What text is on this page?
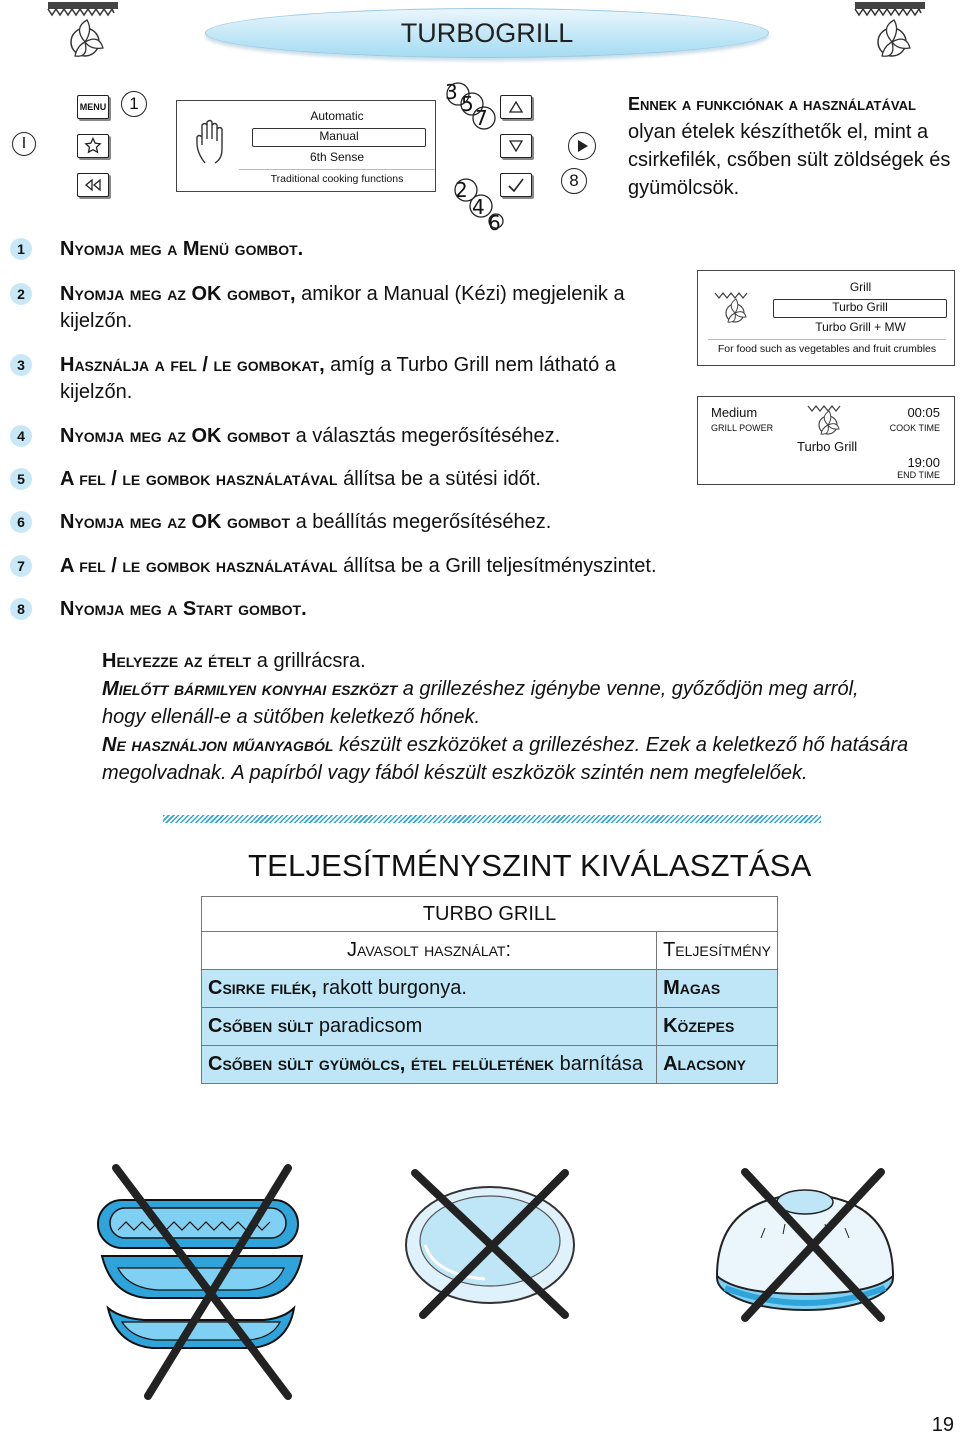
TURBOGRILL
I
MENU	1
Automatic
Manual
6th Sense
Traditional cooking functions
3 5
7
2
4
6
8
Ennek a funkciónak a használatával
olyan ételek készíthetők el, mint a csirkefilék, csőben sült zöldségek és gyümölcsök.
1	Nyomja meg a Menü gombot.
2	Nyomja meg az OK gombot, amikor a Manual (Kézi) megjelenik a kijelzőn.
3	Használja a fel / le gombokat, amíg a Turbo Grill nem látható a kijelzőn.
4	Nyomja meg az OK gombot a választás megerősítéséhez.
5	A fel / le gombok használatával állítsa be a sütési időt.
6	Nyomja meg az OK gombot a beállítás megerősítéséhez.
7	A fel / le gombok használatával állítsa be a Grill teljesítményszintet.
8	Nyomja meg a Start gombot.
Grill
Turbo Grill
Turbo Grill + MW
For food such as vegetables and fruit crumbles
Medium
GRILL POWER
Turbo Grill
00:05
COOK TIME
19:00
END TIME
Helyezze az ételt a grillrácsra.
Mielőtt bármilyen konyhai eszközt a grillezéshez igénybe venne, győződjön meg arról, hogy ellenáll-e a sütőben keletkező hőnek.
Ne használjon műanyagból készült eszközöket a grillezéshez. Ezek a keletkező hő hatására megolvadnak. A papírból vagy fából készült eszközök szintén nem megfelelőek.
TELJESÍTMÉNYSZINT KIVÁLASZTÁSA
TURBO GRILL	
Javasolt használat:	Teljesítmény
Csirke filék, rakott burgonya.	Magas
Csőben sült paradicsom	Közepes
Csőben sült gyümölcs, étel felületének barnítása	Alacsony
19
